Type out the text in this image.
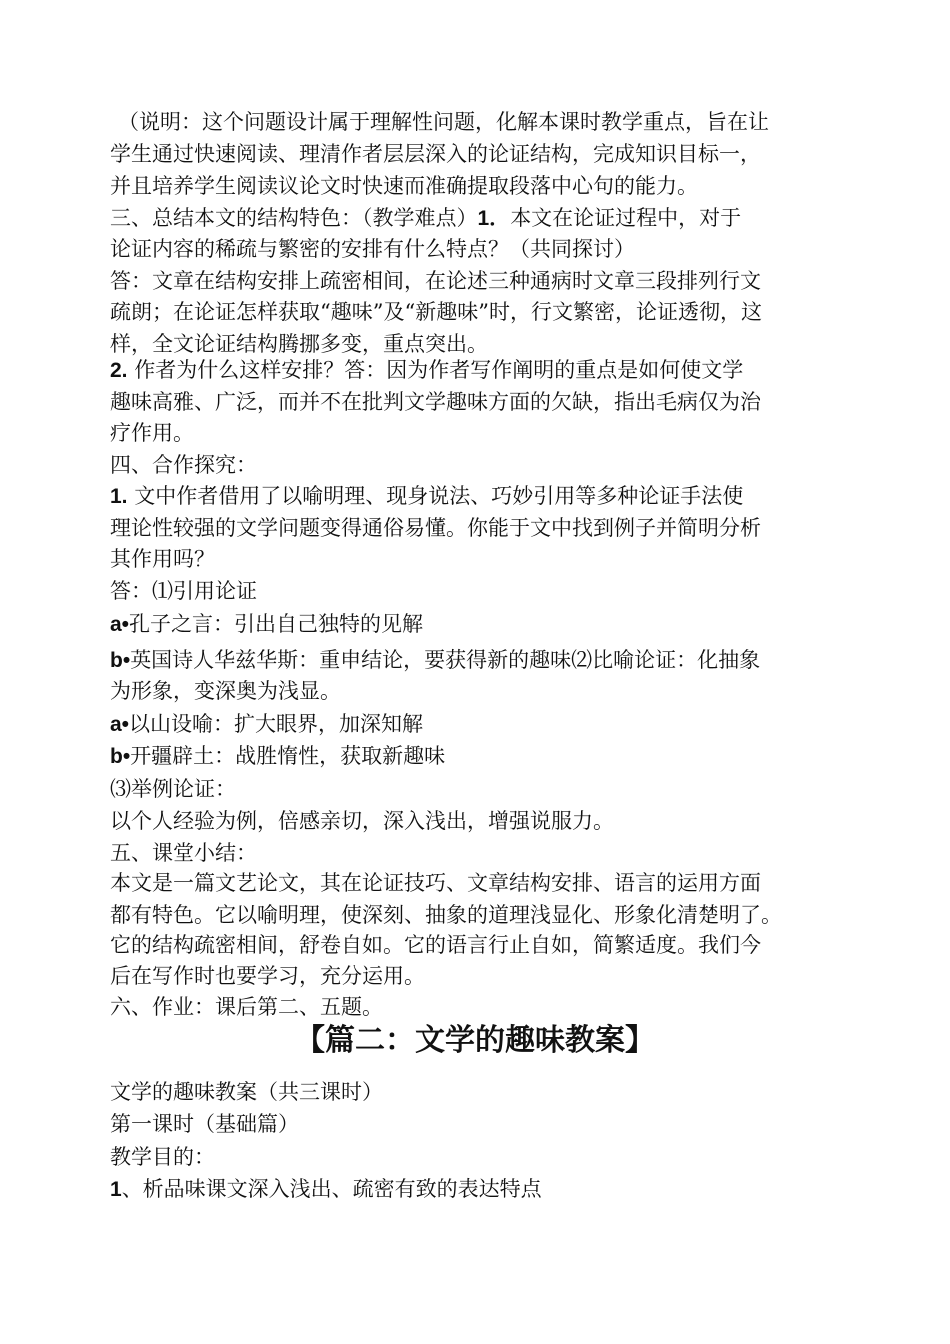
（说明：这个问题设计属于理解性问题，化解本课时教学重点，旨在让
学生通过快速阅读、理清作者层层深入的论证结构，完成知识目标一，
并且培养学生阅读议论文时快速而准确提取段落中心句的能力。
三、总结本文的结构特色：（教学难点）1．本文在论证过程中，对于
论证内容的稀疏与繁密的安排有什么特点？（共同探讨）
答：文章在结构安排上疏密相间，在论述三种通病时文章三段排列行文
疏朗；在论证怎样获取“趣味”及“新趣味”时，行文繁密，论证透彻，这
样，全文论证结构腾挪多变，重点突出。
2. 作者为什么这样安排？答：因为作者写作阐明的重点是如何使文学
趣味高雅、广泛，而并不在批判文学趣味方面的欠缺，指出毛病仅为治
疗作用。
四、合作探究：
1. 文中作者借用了以喻明理、现身说法、巧妙引用等多种论证手法使
理论性较强的文学问题变得通俗易懂。你能于文中找到例子并简明分析
其作用吗？
答：⑴引用论证
a•孔子之言：引出自己独特的见解
b•英国诗人华兹华斯：重申结论，要获得新的趣味⑵比喻论证：化抽象
为形象，变深奥为浅显。
a•以山设喻：扩大眼界，加深知解
b•开疆辟土：战胜惰性，获取新趣味
⑶举例论证：
以个人经验为例，倍感亲切，深入浅出，增强说服力。
五、课堂小结：
本文是一篇文艺论文，其在论证技巧、文章结构安排、语言的运用方面
都有特色。它以喻明理，使深刻、抽象的道理浅显化、形象化清楚明了。
它的结构疏密相间，舒卷自如。它的语言行止自如，简繁适度。我们今
后在写作时也要学习，充分运用。
六、作业：课后第二、五题。
【篇二：文学的趣味教案】
文学的趣味教案（共三课时）
第一课时（基础篇）
教学目的：
1、析品味课文深入浅出、疏密有致的表达特点
